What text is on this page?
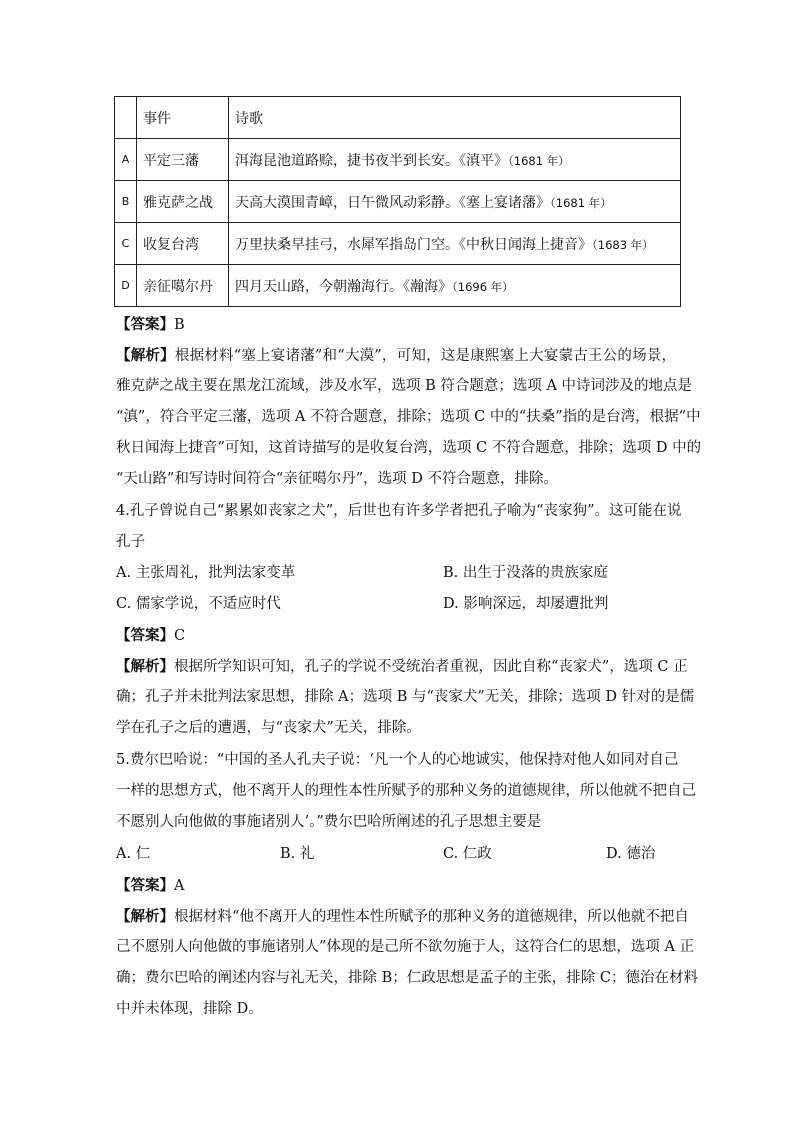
	事件	诗歌
A	平定三藩	洱海昆池道路赊，捷书夜半到长安。《滇平》（1681 年）
B	雅克萨之战	天高大漠围青嶂，日午微风动彩静。《塞上宴诸藩》（1681 年）
C	收复台湾	万里扶桑早挂弓，水犀军指岛门空。《中秋日闻海上捷音》（1683 年）
D	亲征噶尔丹	四月天山路，今朝瀚海行。《瀚海》（1696 年）
【答案】B
【解析】根据材料“塞上宴诸藩”和“大漠”，可知，这是康熙塞上大宴蒙古王公的场景，
雅克萨之战主要在黑龙江流域，涉及水军，选项 B 符合题意；选项 A 中诗词涉及的地点是
“滇”，符合平定三藩，选项 A 不符合题意，排除；选项 C 中的“扶桑”指的是台湾，根据“中
秋日闻海上捷音”可知，这首诗描写的是收复台湾，选项 C 不符合题意，排除；选项 D 中的
“天山路”和写诗时间符合“亲征噶尔丹”，选项 D 不符合题意，排除。
4.孔子曾说自己“累累如丧家之犬”，后世也有许多学者把孔子喻为“丧家狗”。这可能在说
孔子
A. 主张周礼，批判法家变革	B. 出生于没落的贵族家庭
C. 儒家学说，不适应时代	D. 影响深远，却屡遭批判
【答案】C
【解析】根据所学知识可知，孔子的学说不受统治者重视，因此自称“丧家犬”，选项 C 正
确；孔子并未批判法家思想，排除 A；选项 B 与“丧家犬”无关，排除；选项 D 针对的是儒
学在孔子之后的遭遇，与“丧家犬”无关，排除。
5.费尔巴哈说：“中国的圣人孔夫子说：‘凡一个人的心地诚实，他保持对他人如同对自己
一样的思想方式，他不离开人的理性本性所赋予的那种义务的道德规律，所以他就不把自己
不愿别人向他做的事施诸别人’。”费尔巴哈所阐述的孔子思想主要是
A. 仁	B. 礼	C. 仁政	D. 德治
【答案】A
【解析】根据材料“他不离开人的理性本性所赋予的那种义务的道德规律，所以他就不把自
己不愿别人向他做的事施诸别人”体现的是己所不欲勿施于人，这符合仁的思想，选项 A 正
确；费尔巴哈的阐述内容与礼无关，排除 B；仁政思想是孟子的主张，排除 C；德治在材料
中并未体现，排除 D。
